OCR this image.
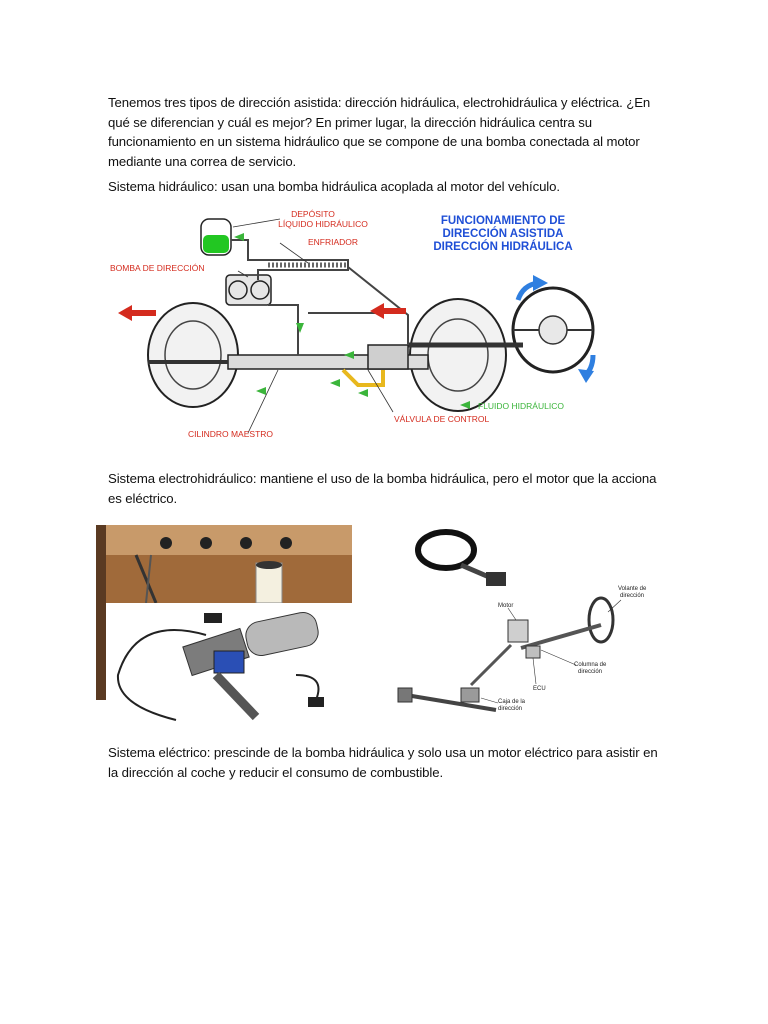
Tenemos tres tipos de dirección asistida: dirección hidráulica, electrohidráulica y eléctrica. ¿En qué se diferencian y cuál es mejor? En primer lugar, la dirección hidráulica centra su funcionamiento en un sistema hidráulico que se compone de una bomba conectada al motor mediante una correa de servicio.

Sistema hidráulico: usan una bomba hidráulica acoplada al motor del vehículo.

FUNCIONAMIENTO DE
DIRECCIÓN ASISTIDA
DIRECCIÓN HIDRÁULICA
DEPÓSITO
LÍQUIDO HIDRÁULICO
ENFRIADOR
BOMBA DE DIRECCIÓN
FLUIDO HIDRÁULICO
VÁLVULA DE CONTROL
CILINDRO MAESTRO

Sistema electrohidráulico: mantiene el uso de la bomba hidráulica, pero el motor que la acciona es eléctrico.

Motor
Volante de
dirección
Columna de
dirección
ECU
Caja de la
dirección

Sistema eléctrico: prescinde de la bomba hidráulica y solo usa un motor eléctrico para asistir en la dirección al coche y reducir el consumo de combustible.
